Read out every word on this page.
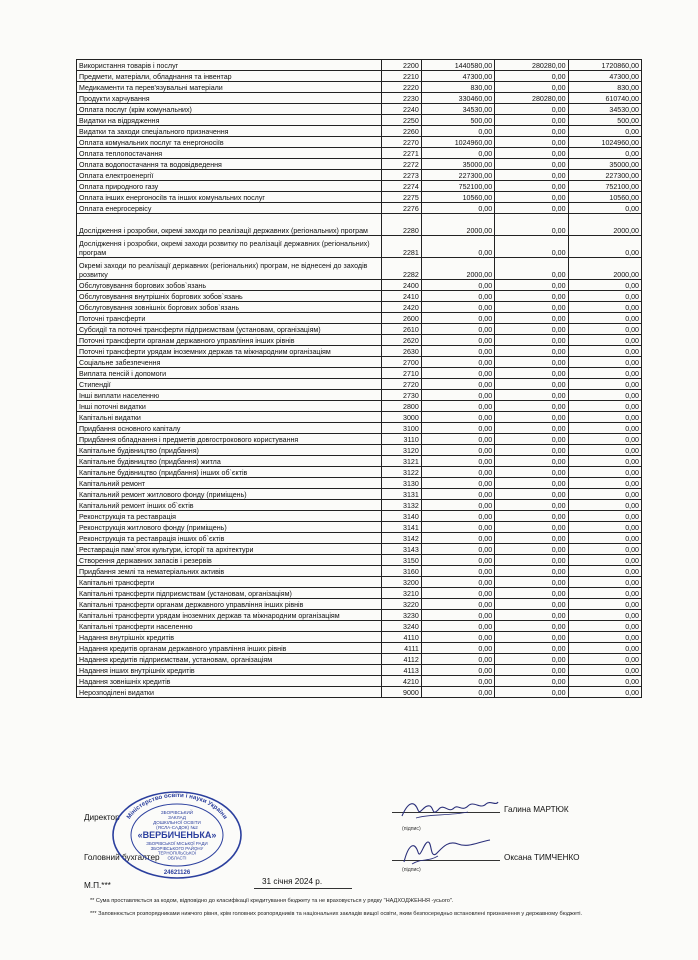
Використання товарів і послуг	2200	1440580,00	280280,00	1720860,00
Предмети, матеріали, обладнання та інвентар	2210	47300,00	0,00	47300,00
Медикаменти та перев'язувальні матеріали	2220	830,00	0,00	830,00
Продукти харчування	2230	330460,00	280280,00	610740,00
Оплата послуг (крім комунальних)	2240	34530,00	0,00	34530,00
Видатки на відрядження	2250	500,00	0,00	500,00
Видатки та заходи спеціального призначення	2260	0,00	0,00	0,00
Оплата комунальних послуг та енергоносіїв	2270	1024960,00	0,00	1024960,00
Оплата теплопостачання	2271	0,00	0,00	0,00
Оплата водопостачання та водовідведення	2272	35000,00	0,00	35000,00
Оплата електроенергії	2273	227300,00	0,00	227300,00
Оплата природного газу	2274	752100,00	0,00	752100,00
Оплата інших енергоносіїв та інших комунальних послуг	2275	10560,00	0,00	10560,00
Оплата енергосервісу	2276	0,00	0,00	0,00
Дослідження і розробки, окремі заходи по реалізації державних (регіональних) програм	2280	2000,00	0,00	2000,00
Дослідження і розробки, окремі заходи розвитку по реалізації державних (регіональних) програм	2281	0,00	0,00	0,00
Окремі заходи по реалізації державних (регіональних) програм, не віднесені до заходів розвитку	2282	2000,00	0,00	2000,00
Обслуговування боргових зобов`язань	2400	0,00	0,00	0,00
Обслуговування внутрішніх боргових зобов`язань	2410	0,00	0,00	0,00
Обслуговування зовнішніх боргових зобов`язань	2420	0,00	0,00	0,00
Поточні трансферти	2600	0,00	0,00	0,00
Субсидії та поточні трансферти підприємствам (установам, організаціям)	2610	0,00	0,00	0,00
Поточні трансферти органам державного управління інших рівнів	2620	0,00	0,00	0,00
Поточні трансферти урядам іноземних держав та міжнародним організаціям	2630	0,00	0,00	0,00
Соціальне забезпечення	2700	0,00	0,00	0,00
Виплата пенсій і допомоги	2710	0,00	0,00	0,00
Стипендії	2720	0,00	0,00	0,00
Інші виплати населенню	2730	0,00	0,00	0,00
Інші поточні видатки	2800	0,00	0,00	0,00
Капітальні видатки	3000	0,00	0,00	0,00
Придбання основного капіталу	3100	0,00	0,00	0,00
Придбання обладнання і предметів довгострокового користування	3110	0,00	0,00	0,00
Капітальне будівництво (придбання)	3120	0,00	0,00	0,00
Капітальне будівництво (придбання) житла	3121	0,00	0,00	0,00
Капітальне будівництво (придбання) інших об`єктів	3122	0,00	0,00	0,00
Капітальний ремонт	3130	0,00	0,00	0,00
Капітальний ремонт житлового фонду (приміщень)	3131	0,00	0,00	0,00
Капітальний ремонт інших об`єктів	3132	0,00	0,00	0,00
Реконструкція та реставрація	3140	0,00	0,00	0,00
Реконструкція житлового фонду (приміщень)	3141	0,00	0,00	0,00
Реконструкція та реставрація інших об`єктів	3142	0,00	0,00	0,00
Реставрація пам`яток культури, історії та архітектури	3143	0,00	0,00	0,00
Створення державних запасів і резервів	3150	0,00	0,00	0,00
Придбання землі та нематеріальних активів	3160	0,00	0,00	0,00
Капітальні трансферти	3200	0,00	0,00	0,00
Капітальні трансферти підприємствам (установам, організаціям)	3210	0,00	0,00	0,00
Капітальні трансферти органам державного управління інших рівнів	3220	0,00	0,00	0,00
Капітальні трансферти урядам іноземних держав та міжнародним організаціям	3230	0,00	0,00	0,00
Капітальні трансферти населенню	3240	0,00	0,00	0,00
Надання внутрішніх кредитів	4110	0,00	0,00	0,00
Надання кредитів органам державного управління інших рівнів	4111	0,00	0,00	0,00
Надання кредитів підприємствам, установам, організаціям	4112	0,00	0,00	0,00
Надання інших внутрішніх кредитів	4113	0,00	0,00	0,00
Надання зовнішніх кредитів	4210	0,00	0,00	0,00
Нерозподілені видатки	9000	0,00	0,00	0,00
Директор
Галина МАРТЮК
(підпис)
Головний бухгалтер	Оксана ТИМЧЕНКО
(підпис)
М.П.***	31 січня 2024 р.
** Сума проставляється за кодом, відповідно до класифікації кредитування бюджету та не враховується у рядку "НАДХОДЖЕННЯ -усього".
*** Заповнюється розпорядниками нижчого рівня, крім головних розпорядників та національних закладів вищої освіти, яким безпосередньо встановлені призначення у державному бюджеті.
Міністерство освіти і науки України
ЗБОРІВСЬКИЙ
ЗАКЛАД
ДОШКІЛЬНОЇ ОСВІТИ
(ЯСЛА-САДОК) №2
«ВЕРБИЧЕНЬКА»
ЗБОРІВСЬКОЇ МІСЬКОЇ РАДИ
ЗБОРІВСЬКОГО РАЙОНУ
ТЕРНОПІЛЬСЬКОЇ
ОБЛАСТІ
24621126
